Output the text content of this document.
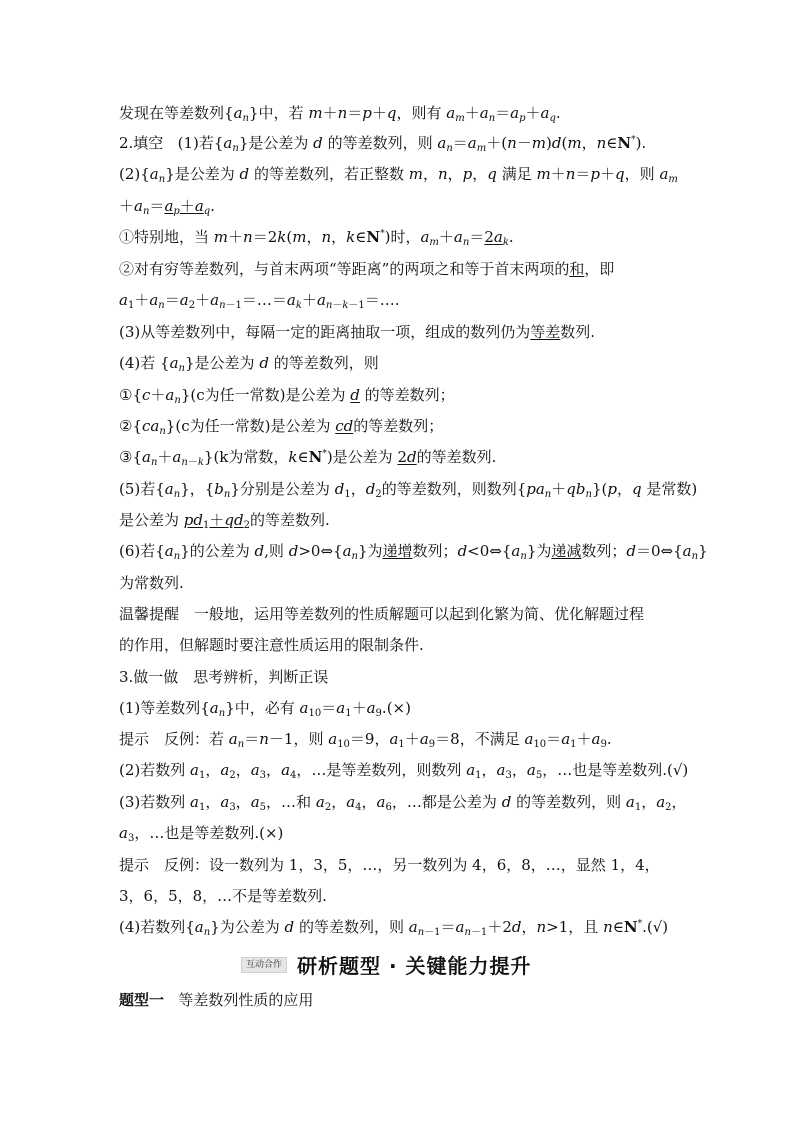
发现在等差数列$\{a_n\}$中，若 m＋n＝p＋q，则有 $a_m+a_n=a_p+a_q$.
2.填空 (1)若$\{a_n\}$是公差为 d 的等差数列，则 $a_n=a_m+(n-m)d(m$，n∈N*).
$(2)\{a_n\}$是公差为 d 的等差数列，若正整数 m，n，p，q 满足 m＋n＝p＋q，则 $a_m$
$+a_n=a_p+a_q$.
①特别地，当 m＋n＝2k(m，n，k∈N*)时，$a_m+a_n=2a_k$.
②对有穷等差数列，与首末两项“等距离”的两项之和等于首末两项的和，即
$a_1+a_n=a_2+a_{n-1}=\dots=a_k+a_{n-k-1}=\dots$.
(3)从等差数列中，每隔一定的距离抽取一项，组成的数列仍为等差数列.
(4)若 $\{a_n\}$是公差为 d 的等差数列，则
$①\{c+a_n\}(c$为任一常数)是公差为 d 的等差数列；
$②\{ca_n\}(c$为任一常数)是公差为 cd的等差数列；
$③\{a_n+a_{n-k}\}(k$为常数，k∈N*)是公差为 2d的等差数列.
(5)若$\{a_n\}$，$\{b_n\}$分别是公差为 $d_1$，$d_2$的等差数列，则数列$\{pa_n+qb_n\}(p$，q 是常数)
是公差为 $pd_1+qd_2$的等差数列.
(6)若$\{a_n\}$的公差为 d,则 $d>0\Leftrightarrow\{a_n\}$为递增数列；$d<0\Leftrightarrow\{a_n\}$为递减数列；$d=0\Leftrightarrow\{a_n\}$
为常数列.
温馨提醒　一般地，运用等差数列的性质解题可以起到化繁为简、优化解题过程
的作用，但解题时要注意性质运用的限制条件.
3.做一做　思考辨析，判断正误
(1)等差数列$\{a_n\}$中，必有 $a_{10}=a_1+a_9.(\times)$
提示　反例：若 $a_n=n-1$，则 $a_{10}=9$，$a_1+a_9=8$，不满足 $a_{10}=a_1+a_9$.
(2)若数列 $a_1$，$a_2$，$a_3$，$a_4$，…是等差数列，则数列 $a_1$，$a_3$，$a_5$，…也是等差数列.(√)
(3)若数列 $a_1$，$a_3$，$a_5$，…和 $a_2$，$a_4$，$a_6$，…都是公差为 d 的等差数列，则 $a_1$，$a_2$，
$a_3$，…也是等差数列.(×)
提示　反例：设一数列为 1，3，5，…，另一数列为 4，6，8，…，显然 1，4，
3，6，5，8，…不是等差数列.
(4)若数列$\{a_n\}$为公差为 d 的等差数列，则 $a_{n-1}=a_{n-1}+2d$，n>1，且 n∈N*.(√)
互动合作 研析题型 · 关键能力提升
题型一 等差数列性质的应用
